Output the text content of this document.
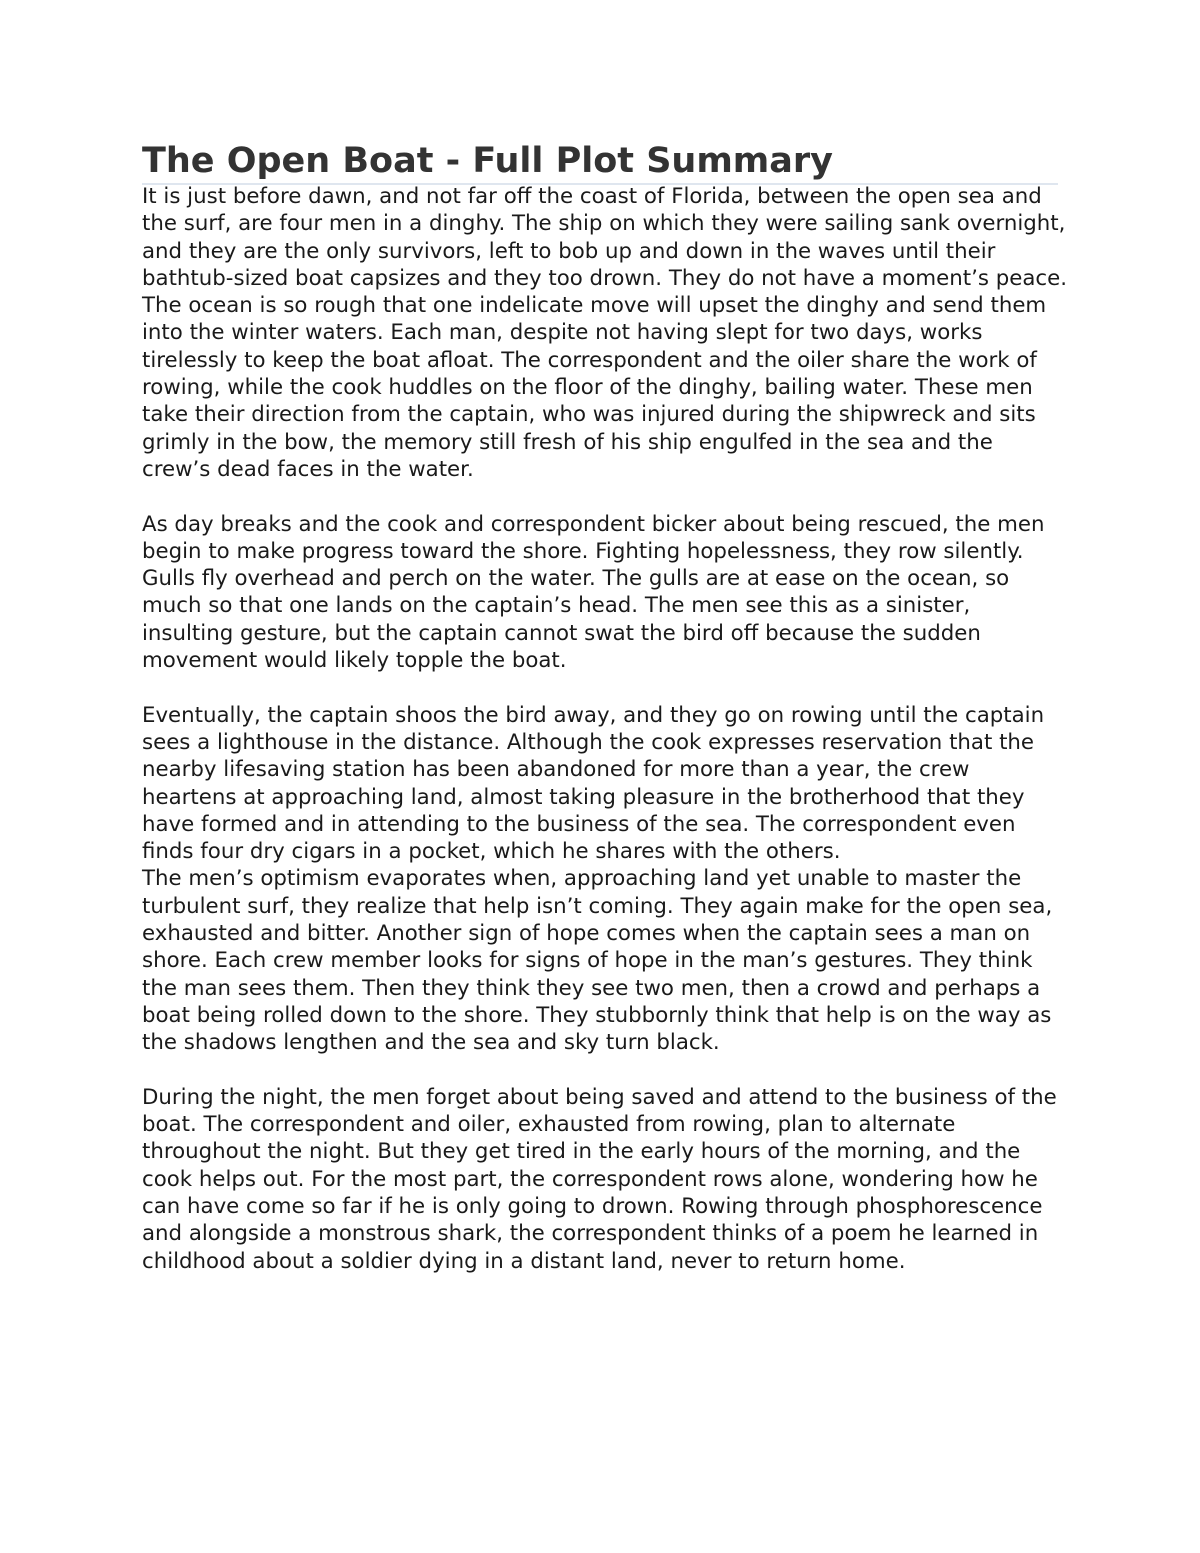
The Open Boat - Full Plot Summary

It is just before dawn, and not far off the coast of Florida, between the open sea and the surf, are four men in a dinghy. The ship on which they were sailing sank overnight, and they are the only survivors, left to bob up and down in the waves until their bathtub-sized boat capsizes and they too drown. They do not have a moment’s peace. The ocean is so rough that one indelicate move will upset the dinghy and send them into the winter waters. Each man, despite not having slept for two days, works tirelessly to keep the boat afloat. The correspondent and the oiler share the work of rowing, while the cook huddles on the floor of the dinghy, bailing water. These men take their direction from the captain, who was injured during the shipwreck and sits grimly in the bow, the memory still fresh of his ship engulfed in the sea and the crew’s dead faces in the water.

As day breaks and the cook and correspondent bicker about being rescued, the men begin to make progress toward the shore. Fighting hopelessness, they row silently. Gulls fly overhead and perch on the water. The gulls are at ease on the ocean, so much so that one lands on the captain’s head. The men see this as a sinister, insulting gesture, but the captain cannot swat the bird off because the sudden movement would likely topple the boat.

Eventually, the captain shoos the bird away, and they go on rowing until the captain sees a lighthouse in the distance. Although the cook expresses reservation that the nearby lifesaving station has been abandoned for more than a year, the crew heartens at approaching land, almost taking pleasure in the brotherhood that they have formed and in attending to the business of the sea. The correspondent even finds four dry cigars in a pocket, which he shares with the others.

The men’s optimism evaporates when, approaching land yet unable to master the turbulent surf, they realize that help isn’t coming. They again make for the open sea, exhausted and bitter. Another sign of hope comes when the captain sees a man on shore. Each crew member looks for signs of hope in the man’s gestures. They think the man sees them. Then they think they see two men, then a crowd and perhaps a boat being rolled down to the shore. They stubbornly think that help is on the way as the shadows lengthen and the sea and sky turn black.

During the night, the men forget about being saved and attend to the business of the boat. The correspondent and oiler, exhausted from rowing, plan to alternate throughout the night. But they get tired in the early hours of the morning, and the cook helps out. For the most part, the correspondent rows alone, wondering how he can have come so far if he is only going to drown. Rowing through phosphorescence and alongside a monstrous shark, the correspondent thinks of a poem he learned in childhood about a soldier dying in a distant land, never to return home.
